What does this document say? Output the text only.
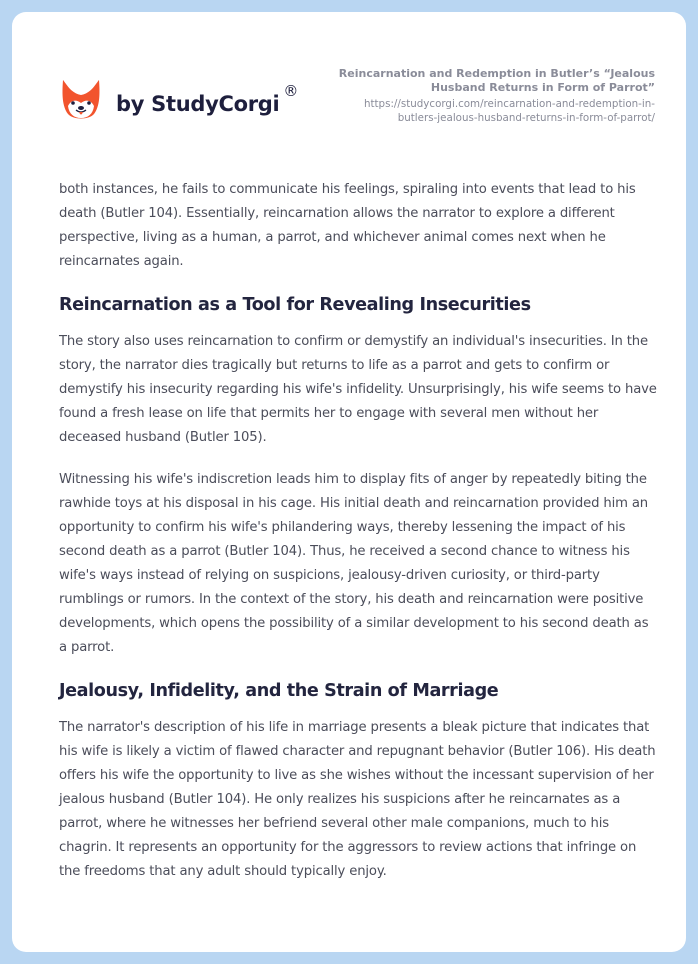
by StudyCorgi
®
Reincarnation and Redemption in Butler’s “Jealous Husband Returns in Form of Parrot”
https://studycorgi.com/reincarnation-and-redemption-in-butlers-jealous-husband-returns-in-form-of-parrot/

both instances, he fails to communicate his feelings, spiraling into events that lead to his death (Butler 104). Essentially, reincarnation allows the narrator to explore a different perspective, living as a human, a parrot, and whichever animal comes next when he reincarnates again.

Reincarnation as a Tool for Revealing Insecurities

The story also uses reincarnation to confirm or demystify an individual's insecurities. In the story, the narrator dies tragically but returns to life as a parrot and gets to confirm or demystify his insecurity regarding his wife's infidelity. Unsurprisingly, his wife seems to have found a fresh lease on life that permits her to engage with several men without her deceased husband (Butler 105).

Witnessing his wife's indiscretion leads him to display fits of anger by repeatedly biting the rawhide toys at his disposal in his cage. His initial death and reincarnation provided him an opportunity to confirm his wife's philandering ways, thereby lessening the impact of his second death as a parrot (Butler 104). Thus, he received a second chance to witness his wife's ways instead of relying on suspicions, jealousy-driven curiosity, or third-party rumblings or rumors. In the context of the story, his death and reincarnation were positive developments, which opens the possibility of a similar development to his second death as a parrot.

Jealousy, Infidelity, and the Strain of Marriage

The narrator's description of his life in marriage presents a bleak picture that indicates that his wife is likely a victim of flawed character and repugnant behavior (Butler 106). His death offers his wife the opportunity to live as she wishes without the incessant supervision of her jealous husband (Butler 104). He only realizes his suspicions after he reincarnates as a parrot, where he witnesses her befriend several other male companions, much to his chagrin. It represents an opportunity for the aggressors to review actions that infringe on the freedoms that any adult should typically enjoy.
